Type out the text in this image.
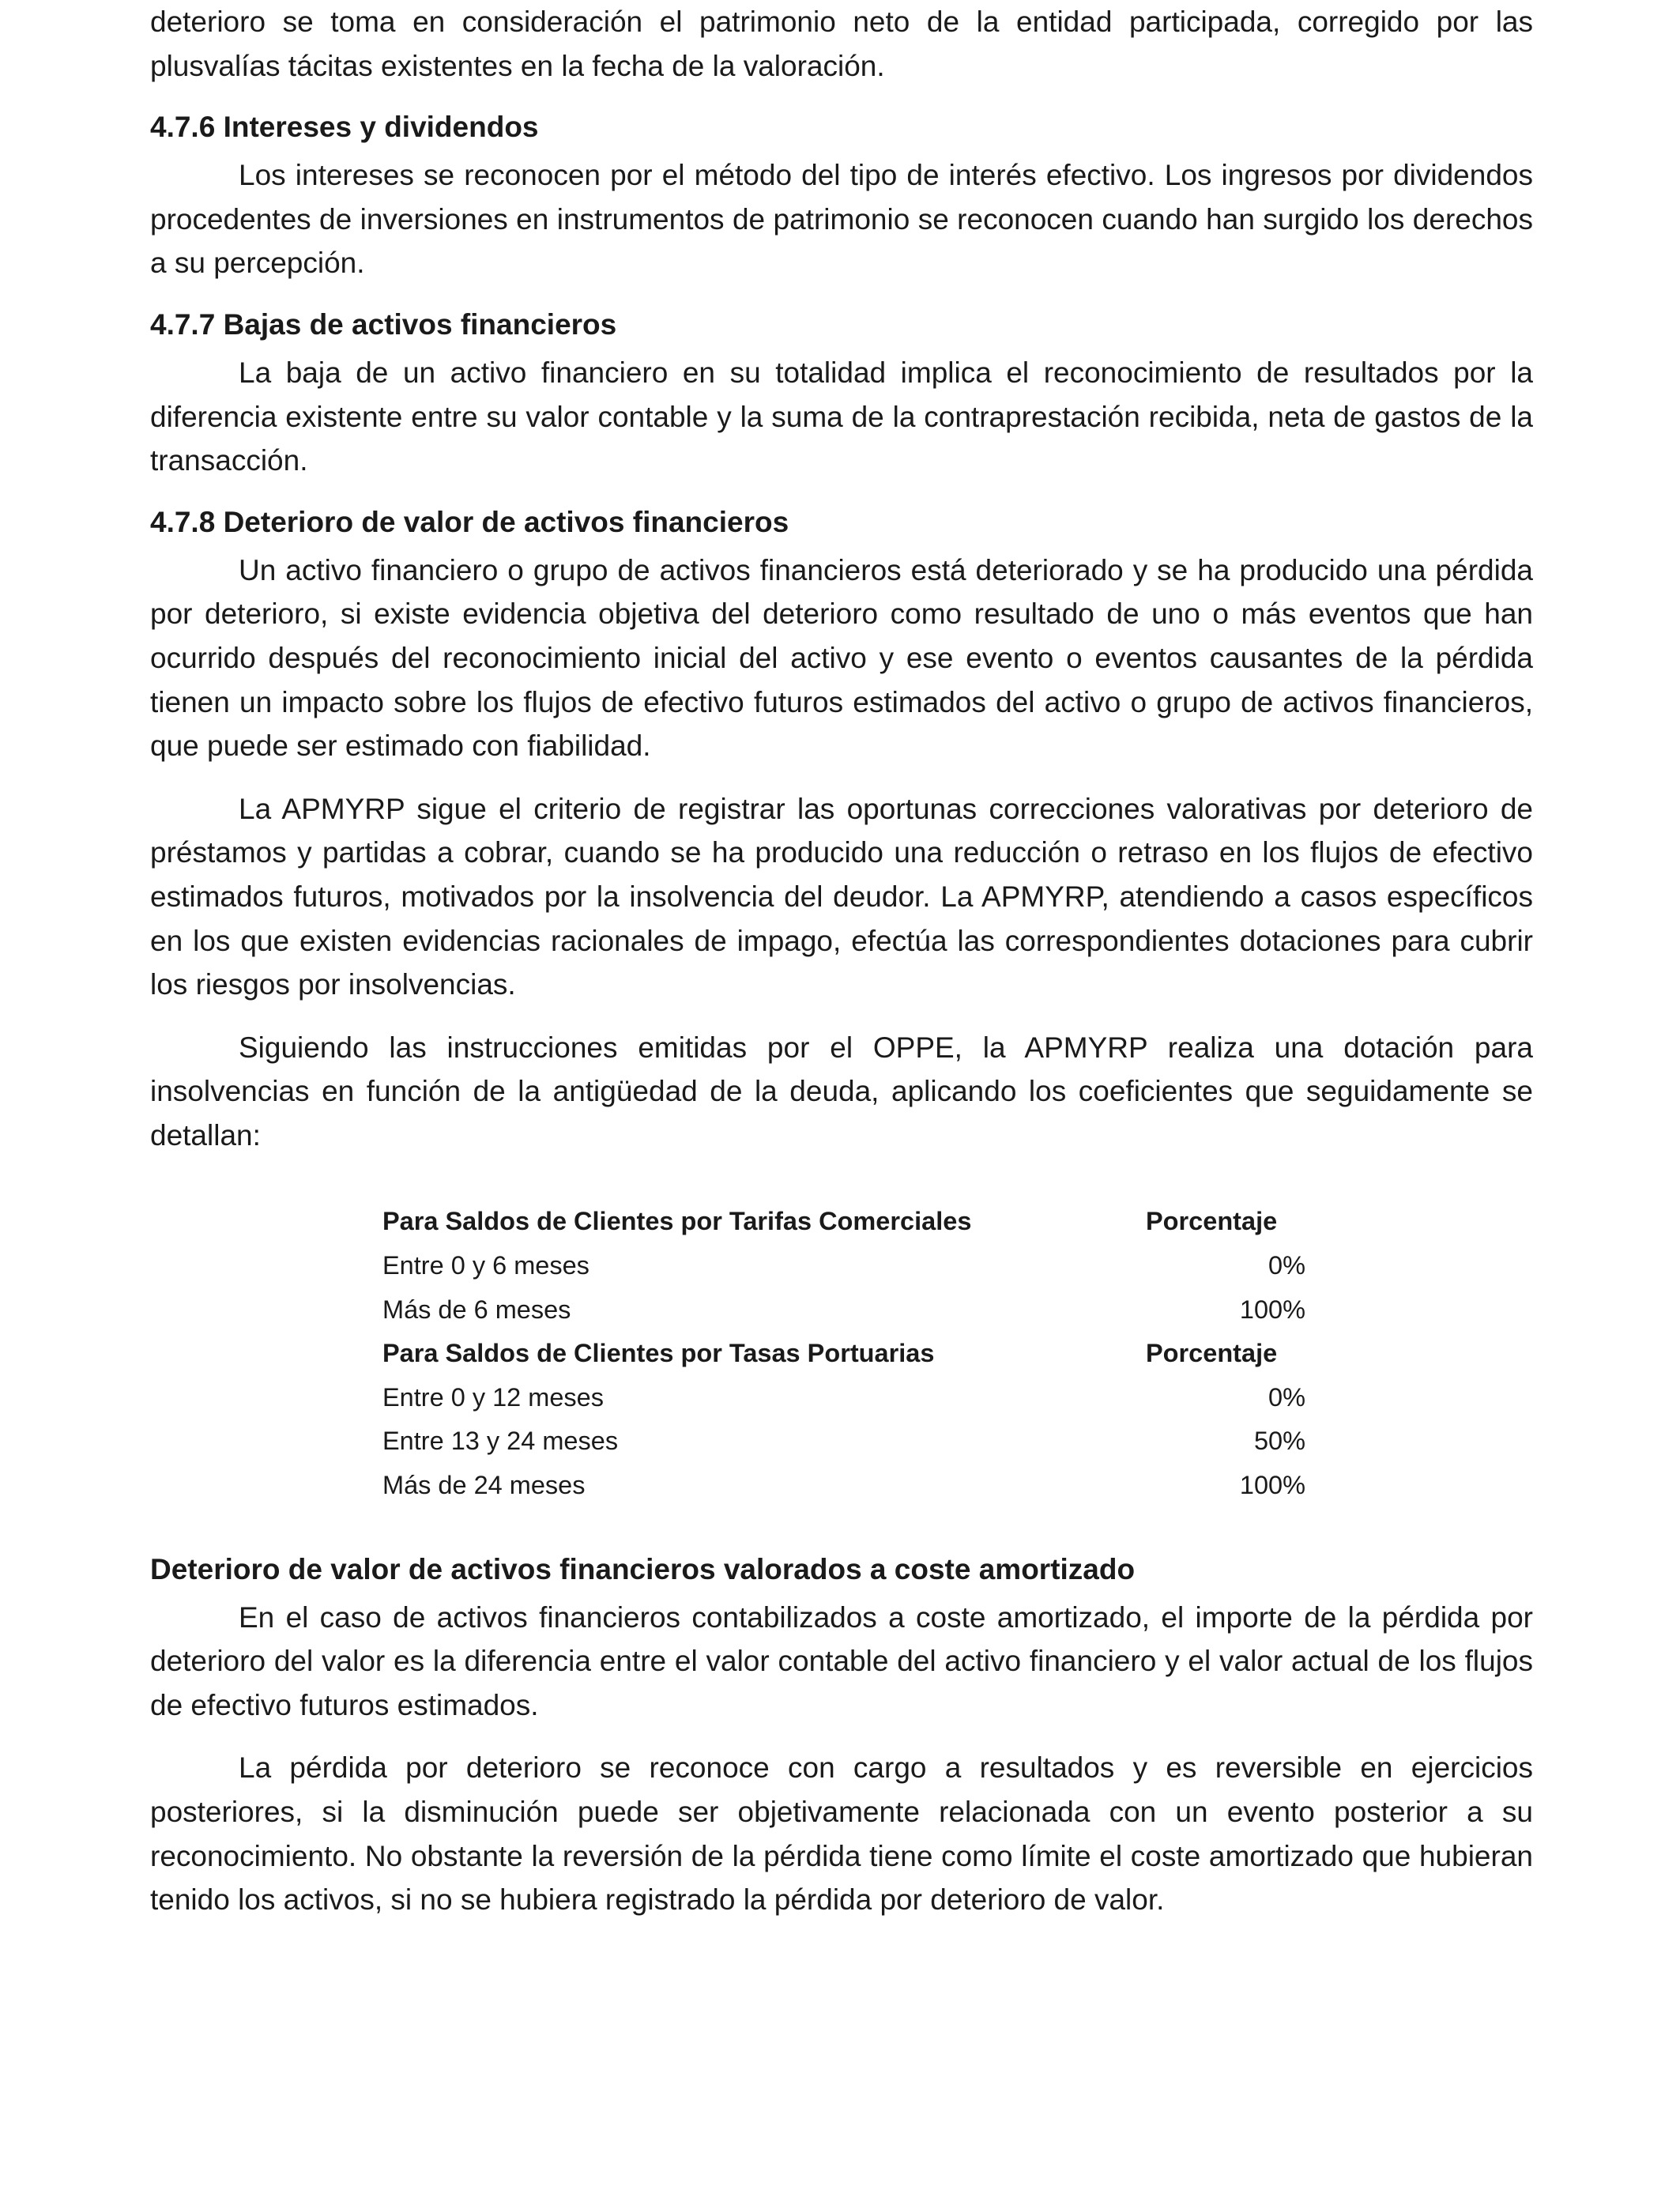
deterioro se toma en consideración el patrimonio neto de la entidad participada, corregido por las plusvalías tácitas existentes en la fecha de la valoración.

4.7.6 Intereses y dividendos

Los intereses se reconocen por el método del tipo de interés efectivo. Los ingresos por dividendos procedentes de inversiones en instrumentos de patrimonio se reconocen cuando han surgido los derechos a su percepción.

4.7.7 Bajas de activos financieros

La baja de un activo financiero en su totalidad implica el reconocimiento de resultados por la diferencia existente entre su valor contable y la suma de la contraprestación recibida, neta de gastos de la transacción.

4.7.8 Deterioro de valor de activos financieros

Un activo financiero o grupo de activos financieros está deteriorado y se ha producido una pérdida por deterioro, si existe evidencia objetiva del deterioro como resultado de uno o más eventos que han ocurrido después del reconocimiento inicial del activo y ese evento o eventos causantes de la pérdida tienen un impacto sobre los flujos de efectivo futuros estimados del activo o grupo de activos financieros, que puede ser estimado con fiabilidad.

La APMYRP sigue el criterio de registrar las oportunas correcciones valorativas por deterioro de préstamos y partidas a cobrar, cuando se ha producido una reducción o retraso en los flujos de efectivo estimados futuros, motivados por la insolvencia del deudor. La APMYRP, atendiendo a casos específicos en los que existen evidencias racionales de impago, efectúa las correspondientes dotaciones para cubrir los riesgos por insolvencias.

Siguiendo las instrucciones emitidas por el OPPE, la APMYRP realiza una dotación para insolvencias en función de la antigüedad de la deuda, aplicando los coeficientes que seguidamente se detallan:

Para Saldos de Clientes por Tarifas Comerciales	Porcentaje
Entre 0 y 6 meses	0%
Más de 6 meses	100%
Para Saldos de Clientes por Tasas Portuarias	Porcentaje
Entre 0 y 12 meses	0%
Entre 13 y 24 meses	50%
Más de 24 meses	100%
Deterioro de valor de activos financieros valorados a coste amortizado

En el caso de activos financieros contabilizados a coste amortizado, el importe de la pérdida por deterioro del valor es la diferencia entre el valor contable del activo financiero y el valor actual de los flujos de efectivo futuros estimados.

La pérdida por deterioro se reconoce con cargo a resultados y es reversible en ejercicios posteriores, si la disminución puede ser objetivamente relacionada con un evento posterior a su reconocimiento. No obstante la reversión de la pérdida tiene como límite el coste amortizado que hubieran tenido los activos, si no se hubiera registrado la pérdida por deterioro de valor.
